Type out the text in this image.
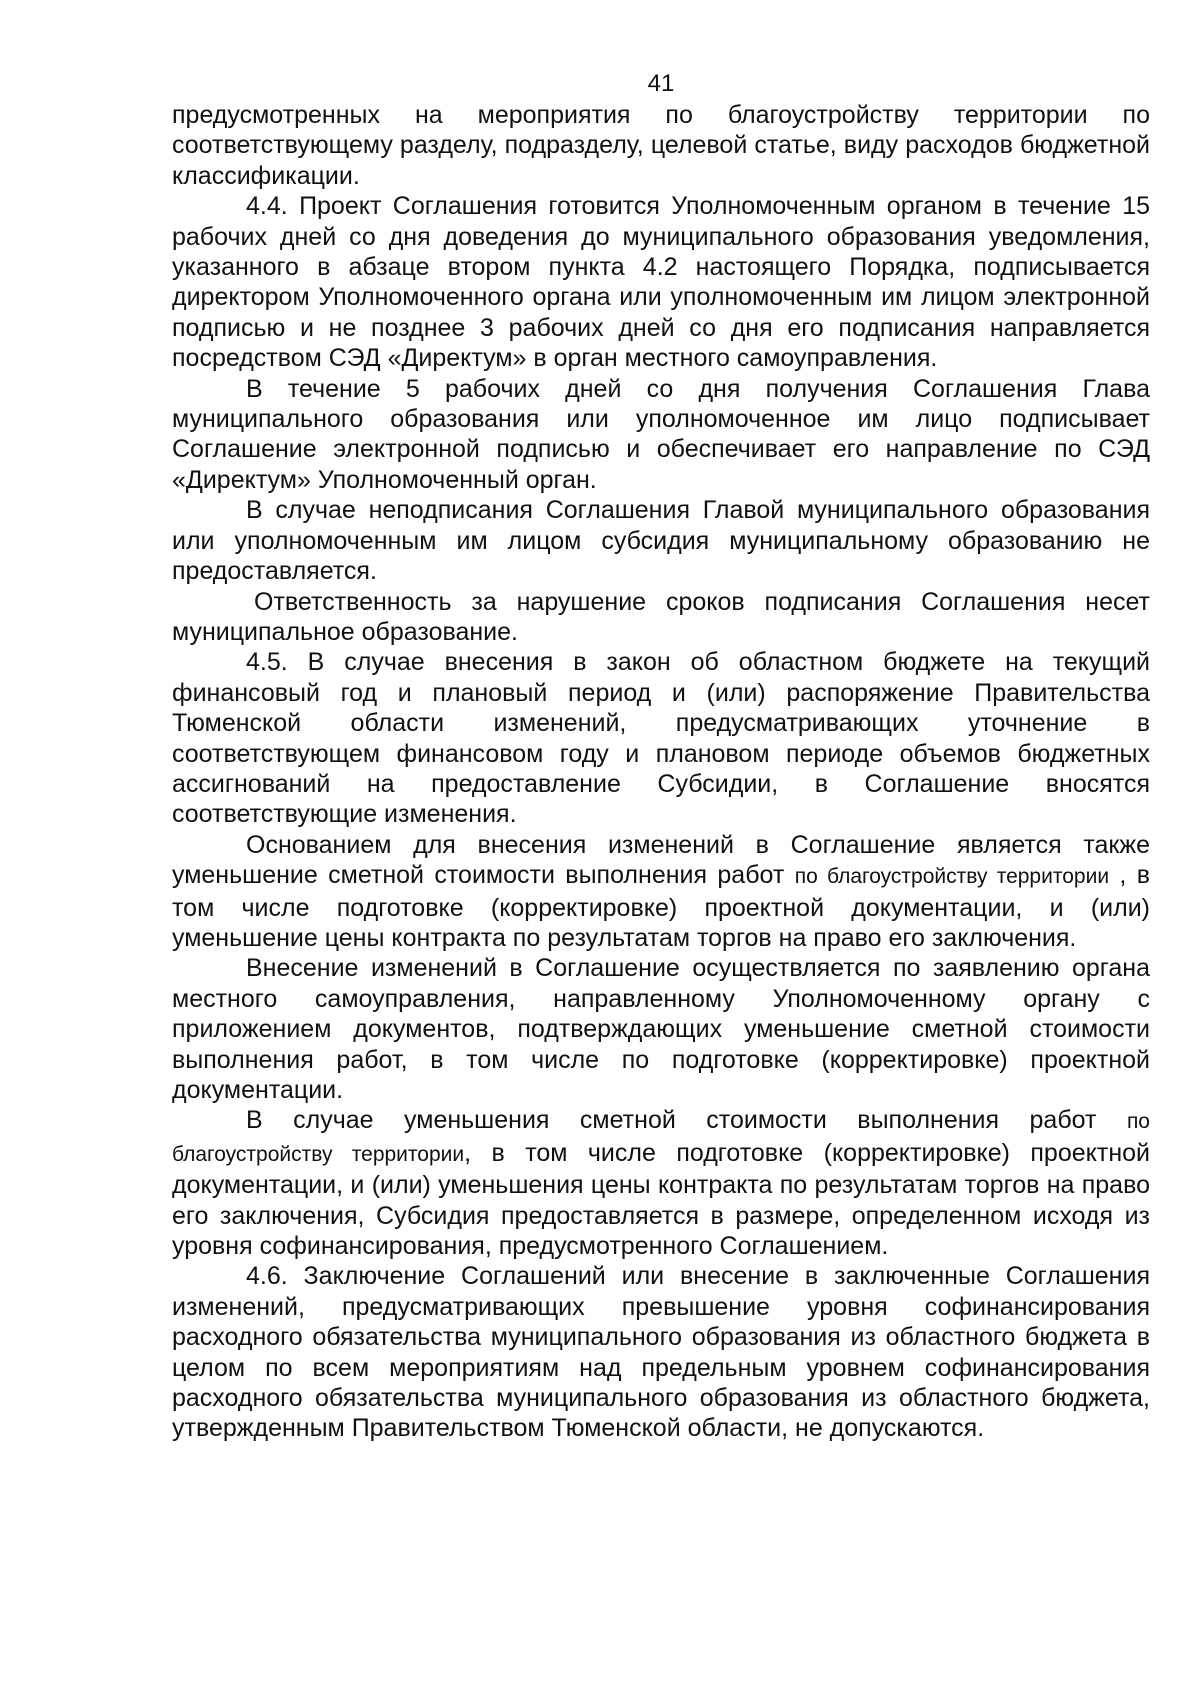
41

предусмотренных на мероприятия по благоустройству территории по соответствующему разделу, подразделу, целевой статье, виду расходов бюджетной классификации.

4.4. Проект Соглашения готовится Уполномоченным органом в течение 15 рабочих дней со дня доведения до муниципального образования уведомления, указанного в абзаце втором пункта 4.2 настоящего Порядка, подписывается директором Уполномоченного органа или уполномоченным им лицом электронной подписью и не позднее 3 рабочих дней со дня его подписания направляется посредством СЭД «Директум» в орган местного самоуправления.

В течение 5 рабочих дней со дня получения Соглашения Глава муниципального образования или уполномоченное им лицо подписывает Соглашение электронной подписью и обеспечивает его направление по СЭД «Директум» Уполномоченный орган.

В случае неподписания Соглашения Главой муниципального образования или уполномоченным им лицом субсидия муниципальному образованию не предоставляется.

Ответственность за нарушение сроков подписания Соглашения несет муниципальное образование.

4.5. В случае внесения в закон об областном бюджете на текущий финансовый год и плановый период и (или) распоряжение Правительства Тюменской области изменений, предусматривающих уточнение в соответствующем финансовом году и плановом периоде объемов бюджетных ассигнований на предоставление Субсидии, в Соглашение вносятся соответствующие изменения.

Основанием для внесения изменений в Соглашение является также уменьшение сметной стоимости выполнения работ по благоустройству территории , в том числе подготовке (корректировке) проектной документации, и (или) уменьшение цены контракта по результатам торгов на право его заключения.

Внесение изменений в Соглашение осуществляется по заявлению органа местного самоуправления, направленному Уполномоченному органу с приложением документов, подтверждающих уменьшение сметной стоимости выполнения работ, в том числе по подготовке (корректировке) проектной документации.

В случае уменьшения сметной стоимости выполнения работ по благоустройству территории, в том числе подготовке (корректировке) проектной документации, и (или) уменьшения цены контракта по результатам торгов на право его заключения, Субсидия предоставляется в размере, определенном исходя из уровня софинансирования, предусмотренного Соглашением.

4.6. Заключение Соглашений или внесение в заключенные Соглашения изменений, предусматривающих превышение уровня софинансирования расходного обязательства муниципального образования из областного бюджета в целом по всем мероприятиям над предельным уровнем софинансирования расходного обязательства муниципального образования из областного бюджета, утвержденным Правительством Тюменской области, не допускаются.
